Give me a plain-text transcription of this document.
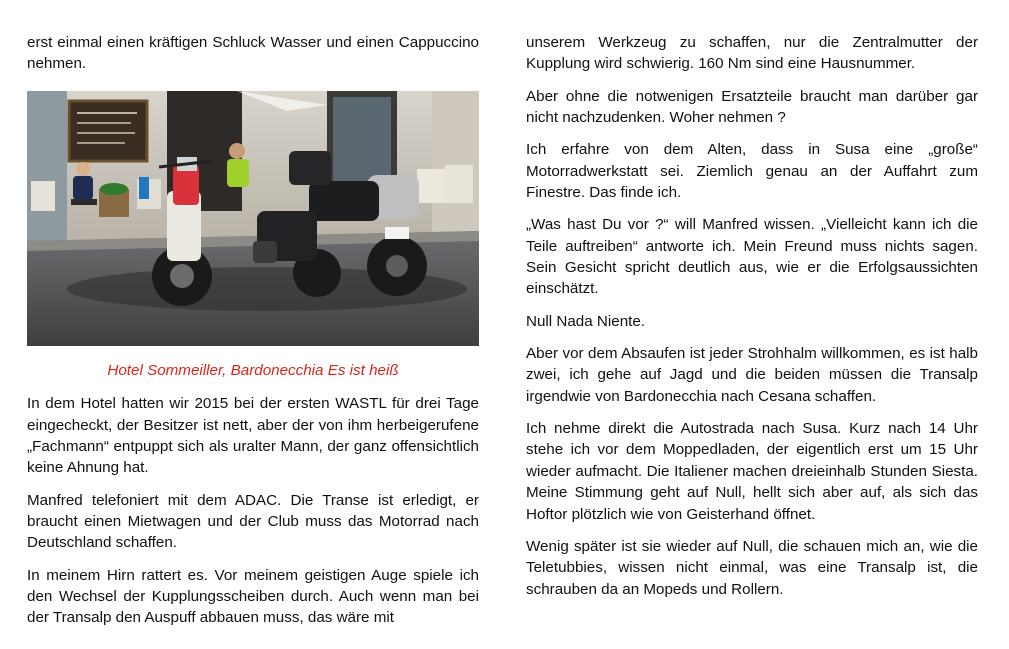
erst einmal einen kräftigen Schluck Wasser und einen Cappuccino nehmen.

Hotel Sommeiller, Bardonecchia Es ist heiß

In dem Hotel hatten wir 2015 bei der ersten WASTL für drei Tage eingecheckt, der Besitzer ist nett, aber der von ihm herbeigerufene „Fachmann“ entpuppt sich als uralter Mann, der ganz offensichtlich keine Ahnung hat.

Manfred telefoniert mit dem ADAC. Die Transe ist erledigt, er braucht einen Mietwagen und der Club muss das Motorrad nach Deutschland schaffen.

In meinem Hirn rattert es. Vor meinem geistigen Auge spiele ich den Wechsel der Kupplungsscheiben durch. Auch wenn man bei der Transalp den Auspuff abbauen muss, das wäre mit

unserem Werkzeug zu schaffen, nur die Zentralmutter der Kupplung wird schwierig. 160 Nm sind eine Hausnummer.

Aber ohne die notwenigen Ersatzteile braucht man darüber gar nicht nachzudenken. Woher nehmen ?

Ich erfahre von dem Alten, dass in Susa eine „große“ Motorradwerkstatt sei. Ziemlich genau an der Auffahrt zum Finestre. Das finde ich.

„Was hast Du vor ?“ will Manfred wissen. „Vielleicht kann ich die Teile auftreiben“ antworte ich. Mein Freund muss nichts sagen. Sein Gesicht spricht deutlich aus, wie er die Erfolgsaussichten einschätzt.

Null Nada Niente.

Aber vor dem Absaufen ist jeder Strohhalm willkommen, es ist halb zwei, ich gehe auf Jagd und die beiden müssen die Transalp irgendwie von Bardonecchia nach Cesana schaffen.

Ich nehme direkt die Autostrada nach Susa. Kurz nach 14 Uhr stehe ich vor dem Moppedladen, der eigentlich erst um 15 Uhr wieder aufmacht. Die Italiener machen dreieinhalb Stunden Siesta. Meine Stimmung geht auf Null, hellt sich aber auf, als sich das Hoftor plötzlich wie von Geisterhand öffnet.

Wenig später ist sie wieder auf Null, die schauen mich an, wie die Teletubbies, wissen nicht einmal, was eine Transalp ist, die schrauben da an Mopeds und Rollern.
